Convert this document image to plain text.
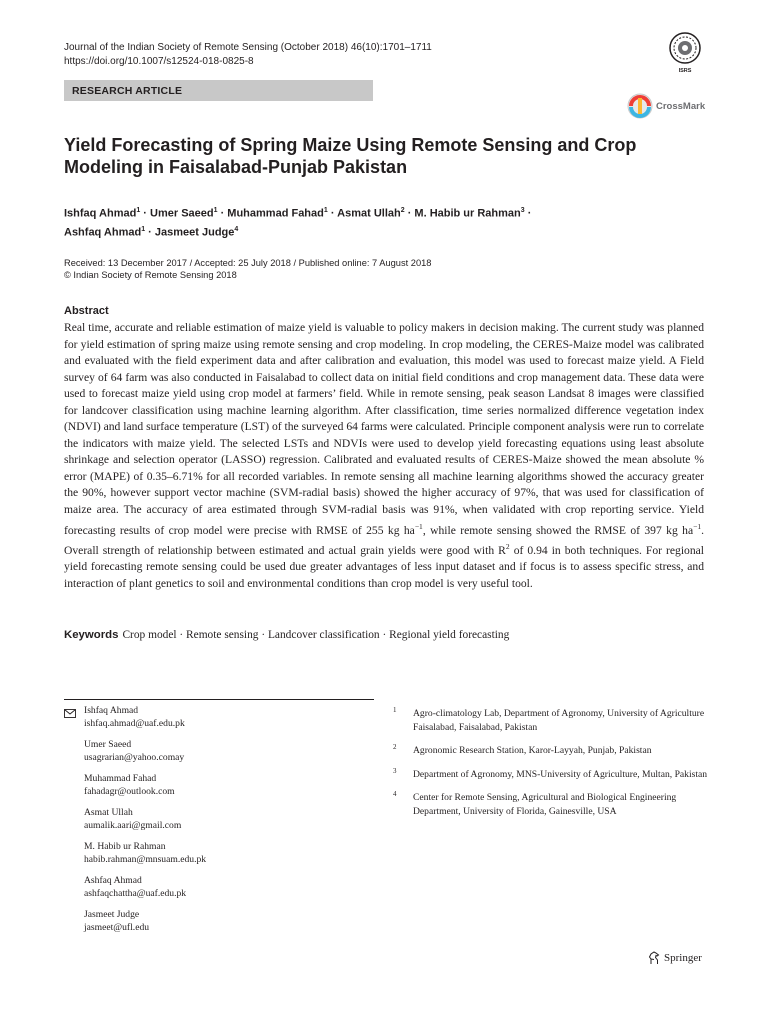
Journal of the Indian Society of Remote Sensing (October 2018) 46(10):1701–1711
https://doi.org/10.1007/s12524-018-0825-8
ISRS
RESEARCH ARTICLE
CrossMark
Yield Forecasting of Spring Maize Using Remote Sensing and Crop Modeling in Faisalabad-Punjab Pakistan
Ishfaq Ahmad$^1$ · Umer Saeed$^1$ · Muhammad Fahad$^1$ · Asmat Ullah$^2$ · M. Habib ur Rahman$^3$ ·
Ashfaq Ahmad$^1$ · Jasmeet Judge$^4$
Received: 13 December 2017 / Accepted: 25 July 2018 / Published online: 7 August 2018
© Indian Society of Remote Sensing 2018
Abstract
Real time, accurate and reliable estimation of maize yield is valuable to policy makers in decision making. The current study was planned for yield estimation of spring maize using remote sensing and crop modeling. In crop modeling, the CERES-Maize model was calibrated and evaluated with the field experiment data and after calibration and evaluation, this model was used to forecast maize yield. A Field survey of 64 farm was also conducted in Faisalabad to collect data on initial field conditions and crop management data. These data were used to forecast maize yield using crop model at farmers’ field. While in remote sensing, peak season Landsat 8 images were classified for landcover classification using machine learning algorithm. After classification, time series normalized difference vegetation index (NDVI) and land surface temperature (LST) of the surveyed 64 farms were calculated. Principle component analysis were run to correlate the indicators with maize yield. The selected LSTs and NDVIs were used to develop yield forecasting equations using least absolute shrinkage and selection operator (LASSO) regression. Calibrated and evaluated results of CERES-Maize showed the mean absolute % error (MAPE) of 0.35–6.71% for all recorded variables. In remote sensing all machine learning algorithms showed the accuracy greater the 90%, however support vector machine (SVM-radial basis) showed the higher accuracy of 97%, that was used for classification of maize area. The accuracy of area estimated through SVM-radial basis was 91%, when validated with crop reporting service. Yield forecasting results of crop model were precise with RMSE of 255 kg $ha^{-1}$, while remote sensing showed the RMSE of 397 kg $ha^{-1}$. Overall strength of relationship between estimated and actual grain yields were good with $R^2$ of 0.94 in both techniques. For regional yield forecasting remote sensing could be used due greater advantages of less input dataset and if focus is to assess specific stress, and interaction of plant genetics to soil and environmental conditions than crop model is very useful tool.
Keywords Crop model · Remote sensing · Landcover classification · Regional yield forecasting
Ishfaq Ahmad
ishfaq.ahmad@uaf.edu.pk
Umer Saeed
usagrarian@yahoo.comay
Muhammad Fahad
fahadagr@outlook.com
Asmat Ullah
aumalik.aari@gmail.com
M. Habib ur Rahman
habib.rahman@mnsuam.edu.pk
Ashfaq Ahmad
ashfaqchattha@uaf.edu.pk
Jasmeet Judge
jasmeet@ufl.edu
1 Agro-climatology Lab, Department of Agronomy, University of Agriculture Faisalabad, Faisalabad, Pakistan
2 Agronomic Research Station, Karor-Layyah, Punjab, Pakistan
3 Department of Agronomy, MNS-University of Agriculture, Multan, Pakistan
4 Center for Remote Sensing, Agricultural and Biological Engineering Department, University of Florida, Gainesville, USA
Springer
